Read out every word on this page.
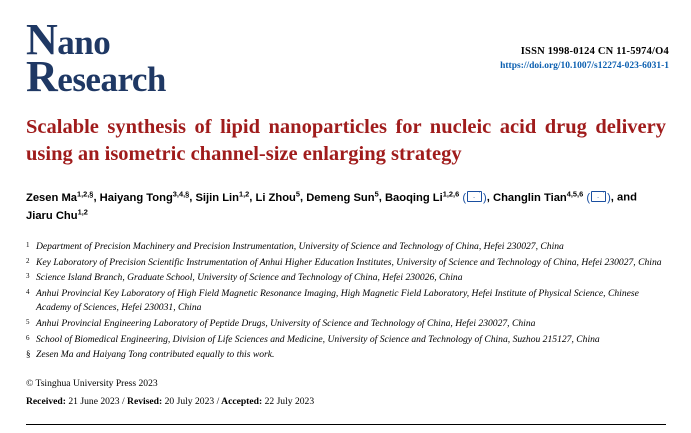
N ano
R esearch
ISSN 1998-0124 CN 11-5974/O4
https://doi.org/10.1007/s12274-023-6031-1
Scalable synthesis of lipid nanoparticles for nucleic acid drug delivery using an isometric channel-size enlarging strategy
Zesen $Ma^{1,2,\S}$, Haiyang Tong$^{3,4,\S}$, Sijin Lin$^{1,2}$, Li Zhou$^5$, Demeng Sun$^5$, Baoqing Li$^{1,2,6}$ ( ), Changlin Tian$^{4,5,6}$ ( ), and Jiaru Chu$^{1,2}$
1 Department of Precision Machinery and Precision Instrumentation, University of Science and Technology of China, Hefei 230027, China
2 Key Laboratory of Precision Scientific Instrumentation of Anhui Higher Education Institutes, University of Science and Technology of China, Hefei 230027, China
3 Science Island Branch, Graduate School, University of Science and Technology of China, Hefei 230026, China
4 Anhui Provincial Key Laboratory of High Field Magnetic Resonance Imaging, High Magnetic Field Laboratory, Hefei Institute of Physical Science, Chinese Academy of Sciences, Hefei 230031, China
5 Anhui Provincial Engineering Laboratory of Peptide Drugs, University of Science and Technology of China, Hefei 230027, China
6 School of Biomedical Engineering, Division of Life Sciences and Medicine, University of Science and Technology of China, Suzhou 215127, China
§ Zesen Ma and Haiyang Tong contributed equally to this work.
© Tsinghua University Press 2023
Received: 21 June 2023 / Revised: 20 July 2023 / Accepted: 22 July 2023
